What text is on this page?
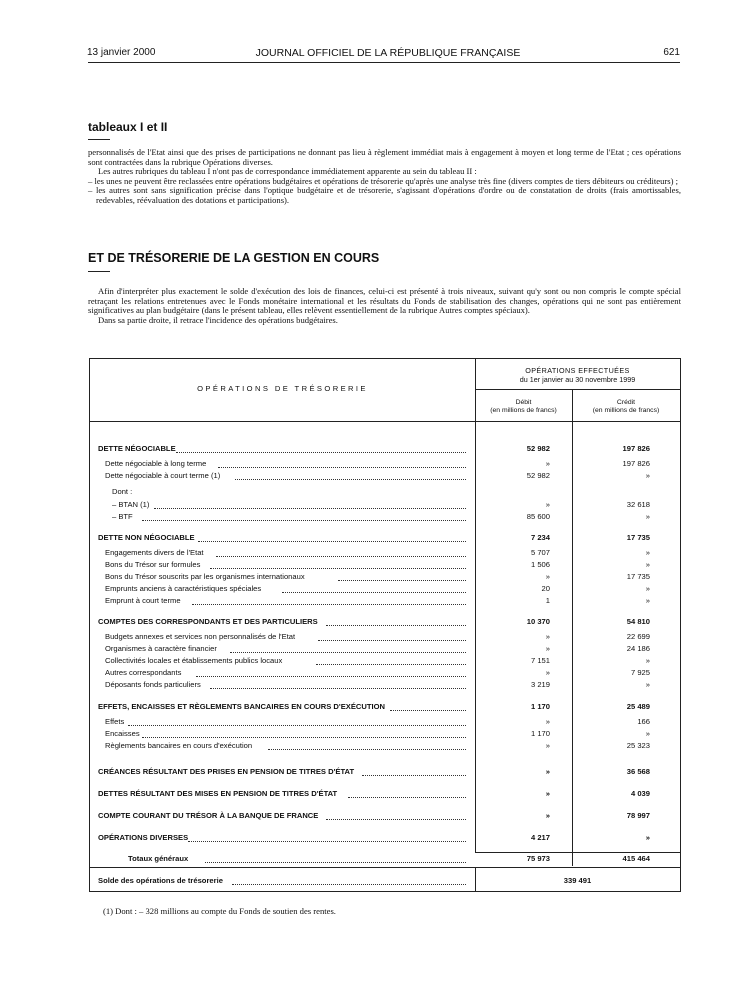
13 janvier 2000	JOURNAL OFFICIEL DE LA RÉPUBLIQUE FRANÇAISE	621
tableaux I et II

personnalisés de l'Etat ainsi que des prises de participations ne donnant pas lieu à règlement immédiat mais à engagement à moyen et long terme de l'Etat ; ces opérations sont contractées dans la rubrique Opérations diverses.

Les autres rubriques du tableau I n'ont pas de correspondance immédiatement apparente au sein du tableau II :

– les unes ne peuvent être reclassées entre opérations budgétaires et opérations de trésorerie qu'après une analyse très fine (divers comptes de tiers débiteurs ou créditeurs) ;

– les autres sont sans signification précise dans l'optique budgétaire et de trésorerie, s'agissant d'opérations d'ordre ou de constatation de droits (frais amortissables, redevables, réévaluation des dotations et participations).

ET DE TRÉSORERIE DE LA GESTION EN COURS

Afin d'interpréter plus exactement le solde d'exécution des lois de finances, celui-ci est présenté à trois niveaux, suivant qu'y sont ou non compris le compte spécial retraçant les relations entretenues avec le Fonds monétaire international et les résultats du Fonds de stabilisation des changes, opérations qui ne sont pas entièrement significatives au plan budgétaire (dans le présent tableau, elles relèvent essentiellement de la rubrique Autres comptes spéciaux).

Dans sa partie droite, il retrace l'incidence des opérations budgétaires.

OPÉRATIONS DE TRÉSORERIE
OPÉRATIONS EFFECTUÉES
du 1er janvier au 30 novembre 1999
Débit
(en millions de francs)
Crédit
(en millions de francs)
DETTE NÉGOCIABLE	52 982	197 826
Dette négociable à long terme	»	197 826
Dette négociable à court terme (1)	52 982	»
Dont :
– BTAN (1)	»	32 618
– BTF	85 600	»
DETTE NON NÉGOCIABLE	7 234	17 735
Engagements divers de l'Etat	5 707	»
Bons du Trésor sur formules	1 506	»
Bons du Trésor souscrits par les organismes internationaux	»	17 735
Emprunts anciens à caractéristiques spéciales	20	»
Emprunt à court terme	1	»
COMPTES DES CORRESPONDANTS ET DES PARTICULIERS	10 370	54 810
Budgets annexes et services non personnalisés de l'Etat	»	22 699
Organismes à caractère financier	»	24 186
Collectivités locales et établissements publics locaux	7 151	»
Autres correspondants	»	7 925
Déposants fonds particuliers	3 219	»
EFFETS, ENCAISSES ET RÈGLEMENTS BANCAIRES EN COURS D'EXÉCUTION	1 170	25 489
Effets	»	166
Encaisses	1 170	»
Règlements bancaires en cours d'exécution	»	25 323
CRÉANCES RÉSULTANT DES PRISES EN PENSION DE TITRES D'ÉTAT	»	36 568
DETTES RÉSULTANT DES MISES EN PENSION DE TITRES D'ÉTAT	»	4 039
COMPTE COURANT DU TRÉSOR À LA BANQUE DE FRANCE	»	78 997
OPÉRATIONS DIVERSES	4 217	»
Totaux généraux	75 973	415 464
Solde des opérations de trésorerie	339 491
(1) Dont : – 328 millions au compte du Fonds de soutien des rentes.
